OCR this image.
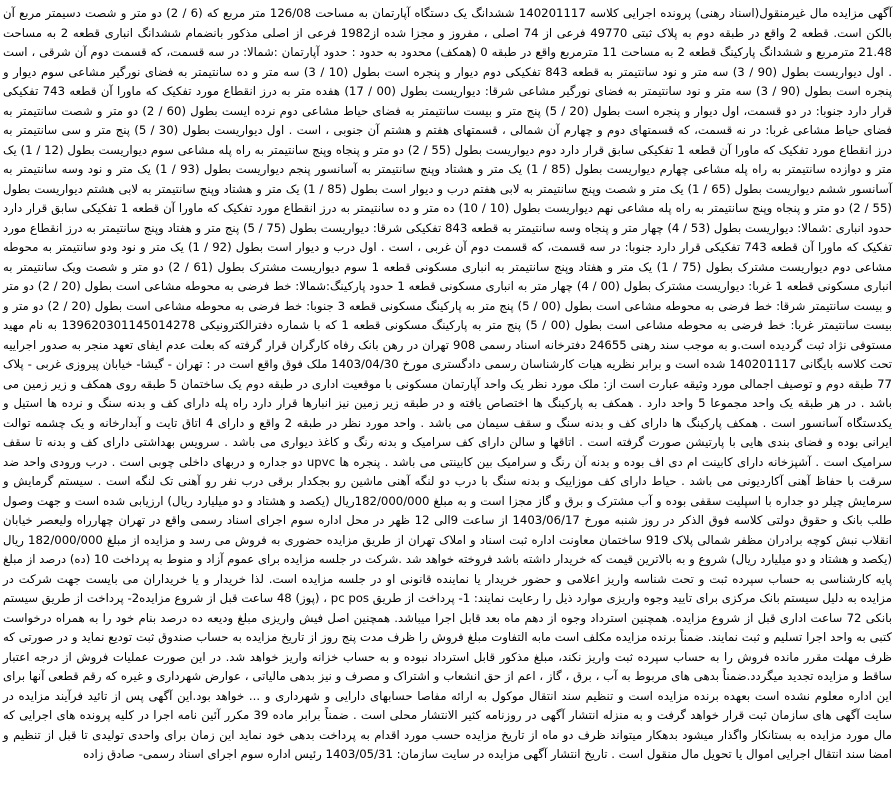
آگهی مزایده مال غیرمنقول(اسناد رهنی) پرونده اجرایی کلاسه 140201117 ششدانگ یک دستگاه آپارتمان به مساحت 126/08 متر مربع که (6 / 2) دو متر و شصت دسیمتر مربع آن بالکن است. قطعه 2 واقع در طبقه دوم به پلاک ثبتی 49770 فرعی از 74 اصلی ، مفروز و مجزا شده از1982 فرعی از اصلی مذکور بانضمام ششدانگ انباری قطعه 2 به مساحت 21.48 مترمربع و ششدانگ پارکینگ قطعه 2 به مساحت 11 مترمربع واقع در طبقه 0 (همکف) محدود به حدود : حدود آپارتمان :شمالا: در سه قسمت، که قسمت دوم آن شرقی ، است . اول دیواریست بطول (90 / 3) سه متر و نود سانتیمتر به قطعه 843 تفکیکی دوم دیوار و پنجره است بطول (10 / 3) سه متر و ده سانتیمتر به فضای نورگیر مشاعی سوم دیوار و پنجره است بطول (90 / 3) سه متر و نود سانتیمتر به فضای نورگیر مشاعی شرقا: دیواریست بطول (00 / 17) هفده متر به درز انقطاع مورد تفکیک که ماورا آن قطعه 743 تفکیکی قرار دارد جنوبا: در دو قسمت، اول دیوار و پنجره است بطول (20 / 5) پنج متر و بیست سانتیمتر به فضای حیاط مشاعی دوم نرده ایست بطول (60 / 2) دو متر و شصت سانتیمتر به فضای حیاط مشاعی غربا: در نه قسمت، که قسمتهای دوم و چهارم آن شمالی ، قسمتهای هفتم و هشتم آن جنوبی ، است . اول دیواریست بطول (30 / 5) پنج متر و سی سانتیمتر به درز انقطاع مورد تفکیک که ماورا آن قطعه 1 تفکیکی سابق قرار دارد دوم دیواریست بطول (55 / 2) دو متر و پنجاه وپنج سانتیمتر به راه پله مشاعی سوم دیواریست بطول (12 / 1) یک متر و دوازده سانتیمتر به راه پله مشاعی چهارم دیواریست بطول (85 / 1) یک متر و هشتاد وپنج سانتیمتر به آسانسور پنجم دیواریست بطول (93 / 1) یک متر و نود وسه سانتیمتر به آسانسور ششم دیواریست بطول (65 / 1) یک متر و شصت وپنج سانتیمتر به لابی هفتم درب و دیوار است بطول (85 / 1) یک متر و هشتاد وپنج سانتیمتر به لابی هشتم دیواریست بطول (55 / 2) دو متر و پنجاه وپنج سانتیمتر به راه پله مشاعی نهم دیواریست بطول (10 / 10) ده متر و ده سانتیمتر به درز انقطاع مورد تفکیک که ماورا آن قطعه 1 تفکیکی سابق قرار دارد حدود انباری :شمالا: دیواریست بطول (53 / 4) چهار متر و پنجاه وسه سانتیمتر به قطعه 843 تفکیکی شرقا: دیواریست بطول (75 / 5) پنج متر و هفتاد وپنج سانتیمتر به درز انقطاع مورد تفکیک که ماورا آن قطعه 743 تفکیکی قرار دارد جنوبا: در سه قسمت، که قسمت دوم آن غربی ، است . اول درب و دیوار است بطول (92 / 1) یک متر و نود ودو سانتیمتر به محوطه مشاعی دوم دیواریست مشترک بطول (75 / 1) یک متر و هفتاد وپنج سانتیمتر به انباری مسکونی قطعه 1 سوم دیواریست مشترک بطول (61 / 2) دو متر و شصت ویک سانتیمتر به انباری مسکونی قطعه 1 غربا: دیواریست مشترک بطول (00 / 4) چهار متر به انباری مسکونی قطعه 1 حدود پارکینگ:شمالا: خط فرضی به محوطه مشاعی است بطول (20 / 2) دو متر و بیست سانتیمتر شرقا: خط فرضی به محوطه مشاعی است بطول (00 / 5) پنج متر به پارکینگ مسکونی قطعه 3 جنوبا: خط فرضی به محوطه مشاعی است بطول (20 / 2) دو متر و بیست سانتیمتر غربا: خط فرضی به محوطه مشاعی است بطول (00 / 5) پنج متر به پارکینگ مسکونی قطعه 1 که با شماره دفترالکترونیکی 139620301145014278 به نام مهید مستوفی نژاد ثبت گردیده است.و به موجب سند رهنی 24655 دفترخانه اسناد رسمی 908 تهران در رهن بانک رفاه کارگران قرار گرفته که بعلت عدم ایفای تعهد منجر به صدور اجراییه تحت کلاسه بایگانی 140201117 شده است و برابر نظریه هیات کارشناسان رسمی دادگستری مورخ 1403/04/30 ملک فوق واقع است در : تهران - گیشا- خیابان پیروزی غربی - پلاک 77 طبقه دوم و توصیف اجمالی مورد وثیقه عبارت است از: ملک مورد نظر یک واحد آپارتمان مسکونی با موقعیت اداری در طبقه دوم یک ساختمان 5 طبقه روی همکف و زیر زمین می باشد . در هر طبقه یک واحد مجموعا 5 واحد دارد . همکف به پارکینگ ها اختصاص یافته و در طبقه زیر زمین نیز انبارها قرار دارد راه پله دارای کف و بدنه سنگ و نرده ها استیل و یکدستگاه آسانسور است . همکف پارکینگ ها دارای کف و بدنه سنگ و سقف سیمان می باشد . واحد مورد نظر در طبقه 2 واقع و دارای 4 اتاق تایت و آبدارخانه و یک چشمه توالت ایرانی بوده و فضای بندی هایی با پارتیشن صورت گرفته است . اتاقها و سالن دارای کف سرامیک و بدنه رنگ و کاغذ دیواری می باشد . سرویس بهداشتی دارای کف و بدنه تا سقف سرامیک است . آشپزخانه دارای کابینت ام دی اف بوده و بدنه آن رنگ و سرامیک بین کابینتی می باشد . پنجره ها upvc دو جداره و دربهای داخلی چوبی است . درب ورودی واحد ضد سرقت با حفاظ آهنی آکاردیونی می باشد . حیاط دارای کف موزاییک و بدنه سنگ با درب دو لنگه آهنی ماشین رو بجکدار برقی درب نفر رو آهنی تک لنگه است . سیستم گرمایش و سرمایش چیلر دو جداره با اسپلیت سقفی بوده و آب مشترک و برق و گاز مجزا است و به مبلغ 182/000/000ریال (یکصد و هشتاد و دو میلیارد ریال) ارزیابی شده است و جهت وصول طلب بانک و حقوق دولتی کلاسه فوق الذکر در روز شنبه مورخ 1403/06/17 از ساعت 9الی 12 ظهر در محل اداره سوم اجرای اسناد رسمی واقع در تهران چهارراه ولیعصر خیابان انقلاب نبش کوچه برادران مظفر شمالی پلاک 919 ساختمان معاونت اداره ثبت اسناد و املاک تهران از طریق مزایده حضوری به فروش می رسد و مزایده از مبلغ 182/000/000 ریال (یکصد و هشتاد و دو میلیارد ریال) شروع و به بالاترین قیمت که خریدار داشته باشد فروخته خواهد شد .شرکت در جلسه مزایده برای عموم آزاد و منوط به پرداخت 10 (ده) درصد از مبلغ پایه کارشناسی به حساب سپرده ثبت و تحت شناسه واریز اعلامی و حضور خریدار یا نماینده قانونی او در جلسه مزایده است. لذا خریدار و یا خریداران می بایست جهت شرکت در مزایده به دلیل سیستم بانک مرکزی برای تایید وجوه واریزی موارد ذیل را رعایت نمایند: 1- پرداخت از طریق pc pos ، (پوز) 48 ساعت قبل از شروع مزایده2- پرداخت از طریق سیستم بانکی 72 ساعت اداری قبل از شروع مزایده. همچنین استرداد وجوه از دهم ماه بعد قابل اجرا میباشد. همچنین اصل فیش واریزی مبلغ ودیعه ده درصد بنام خود را به همراه درخواست کتبی به واحد اجرا تسلیم و ثبت نمایند. ضمناً برنده مزایده مکلف است مابه التفاوت مبلغ فروش را ظرف مدت پنج روز از تاریخ مزایده به حساب صندوق ثبت تودیع نماید و در صورتی که ظرف مهلت مقرر مانده فروش را به حساب سپرده ثبت واریز نکند، مبلغ مذکور قابل استرداد نبوده و به حساب خزانه واریز خواهد شد. در این صورت عملیات فروش از درجه اعتبار ساقط و مزایده تجدید میگردد.ضمناً بدهی های مربوط به آب ، برق ، گاز ، اعم از حق انشعاب و اشتراک و مصرف و نیز بدهی مالیاتی ، عوارض شهرداری و غیره که رقم قطعی آنها برای این اداره معلوم نشده است بعهده برنده مزایده است و تنظیم سند انتقال موکول به ارائه مفاصا حسابهای دارایی و شهرداری و ... خواهد بود.این آگهی پس از تائید فرآیند مزایده در سایت آگهی های سازمان ثبت قرار خواهد گرفت و به منزله انتشار آگهی در روزنامه کثیر الانتشار محلی است . ضمناً برابر ماده 39 مکرر آئین نامه اجرا در کلیه پرونده های اجرایی که مال مورد مزایده به بستانکار واگذار میشود بدهکار میتواند ظرف دو ماه از تاریخ مزایده حسب مورد اقدام به پرداخت بدهی خود نماید این زمان برای واحدی تولیدی تا قبل از تنظیم و امضا سند انتقال اجرایی اموال یا تحویل مال منقول است . تاریخ انتشار آگهی مزایده در سایت سازمان: 1403/05/31 رئیس اداره سوم اجرای اسناد رسمی- صادق زاده
